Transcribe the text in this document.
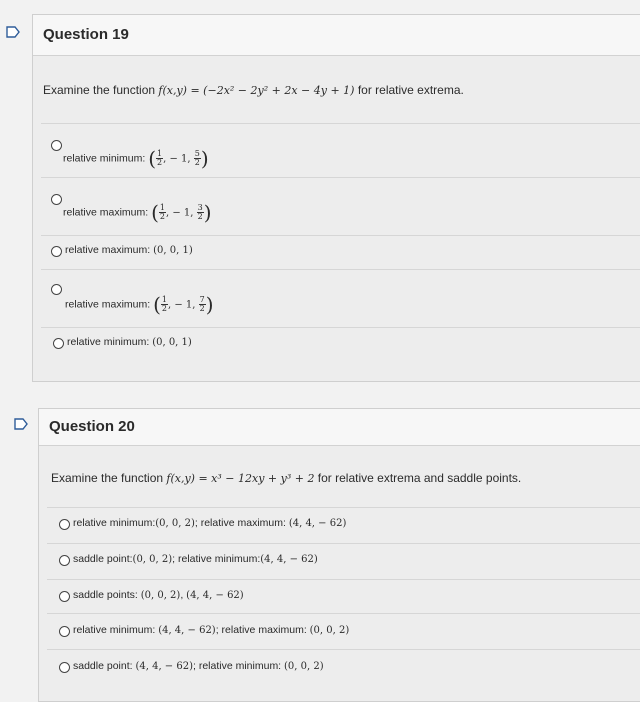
Question 19
Examine the function f(x,y) = (−2x² − 2y² + 2x − 4y + 1) for relative extrema.
relative minimum: ( $\frac{1}{2}$ , − 1, $\frac{5}{2}$ )
relative maximum: ( $\frac{1}{2}$ , − 1, $\frac{3}{2}$ )
relative maximum: (0, 0, 1)
relative maximum: ( $\frac{1}{2}$ , − 1, $\frac{7}{2}$ )
relative minimum: (0, 0, 1)
Question 20
Examine the function f(x,y) = x³ − 12xy + y³ + 2 for relative extrema and saddle points.
relative minimum:(0, 0, 2); relative maximum: (4, 4, − 62)
saddle point:(0, 0, 2); relative minimum:(4, 4, − 62)
saddle points: (0, 0, 2), (4, 4, − 62)
relative minimum: (4, 4, − 62); relative maximum: (0, 0, 2)
saddle point: (4, 4, − 62); relative minimum: (0, 0, 2)
